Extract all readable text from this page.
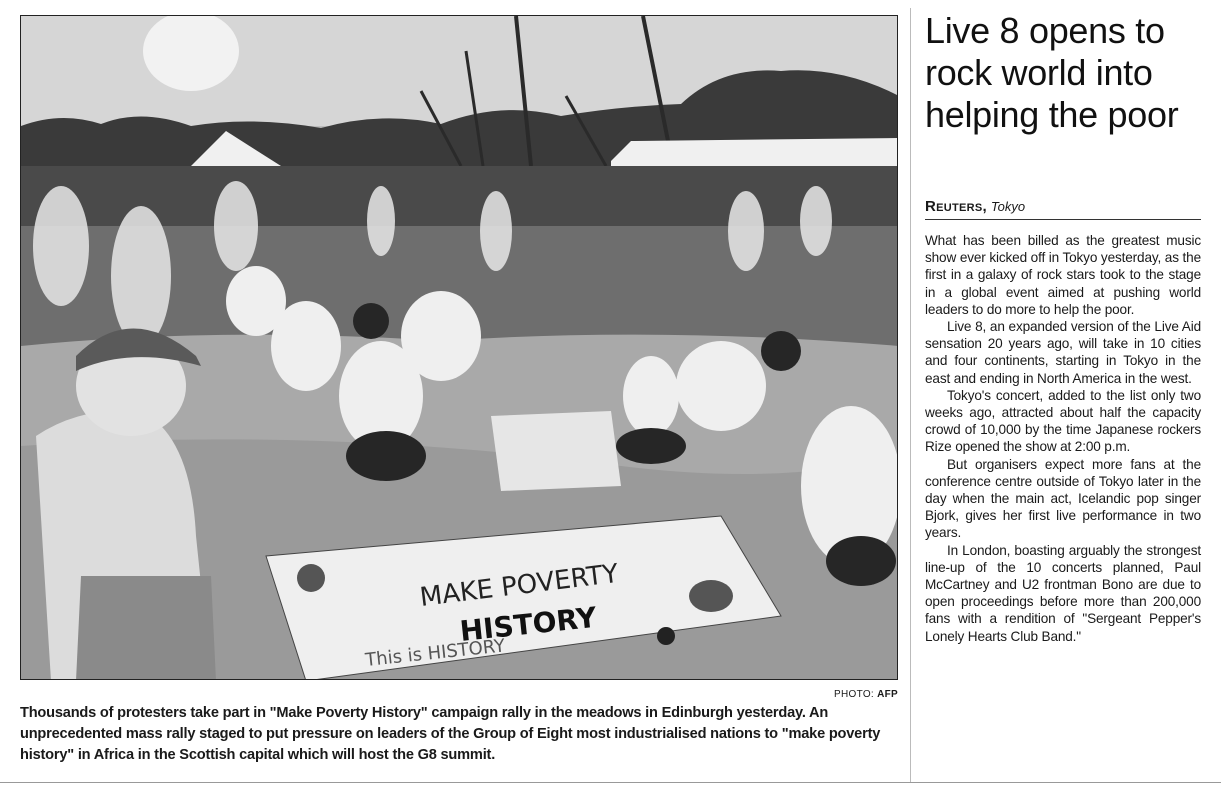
MAKE POVERTY
HISTORY
This is HISTORY
PHOTO: AFP
Thousands of protesters take part in "Make Poverty History" campaign rally in the meadows in Edinburgh yesterday. An unprecedented mass rally staged to put pressure on leaders of the Group of Eight most industrialised nations to "make poverty history" in Africa in the Scottish capital which will host the G8 summit.
Live 8 opens to rock world into helping the poor
Reuters, Tokyo

What has been billed as the greatest music show ever kicked off in Tokyo yesterday, as the first in a galaxy of rock stars took to the stage in a global event aimed at pushing world leaders to do more to help the poor.

Live 8, an expanded version of the Live Aid sensation 20 years ago, will take in 10 cities and four continents, starting in Tokyo in the east and ending in North America in the west.

Tokyo's concert, added to the list only two weeks ago, attracted about half the capacity crowd of 10,000 by the time Japanese rockers Rize opened the show at 2:00 p.m.

But organisers expect more fans at the conference centre outside of Tokyo later in the day when the main act, Icelandic pop singer Bjork, gives her first live performance in two years.

In London, boasting arguably the strongest line-up of the 10 concerts planned, Paul McCartney and U2 frontman Bono are due to open proceedings before more than 200,000 fans with a rendition of "Sergeant Pepper's Lonely Hearts Club Band."
